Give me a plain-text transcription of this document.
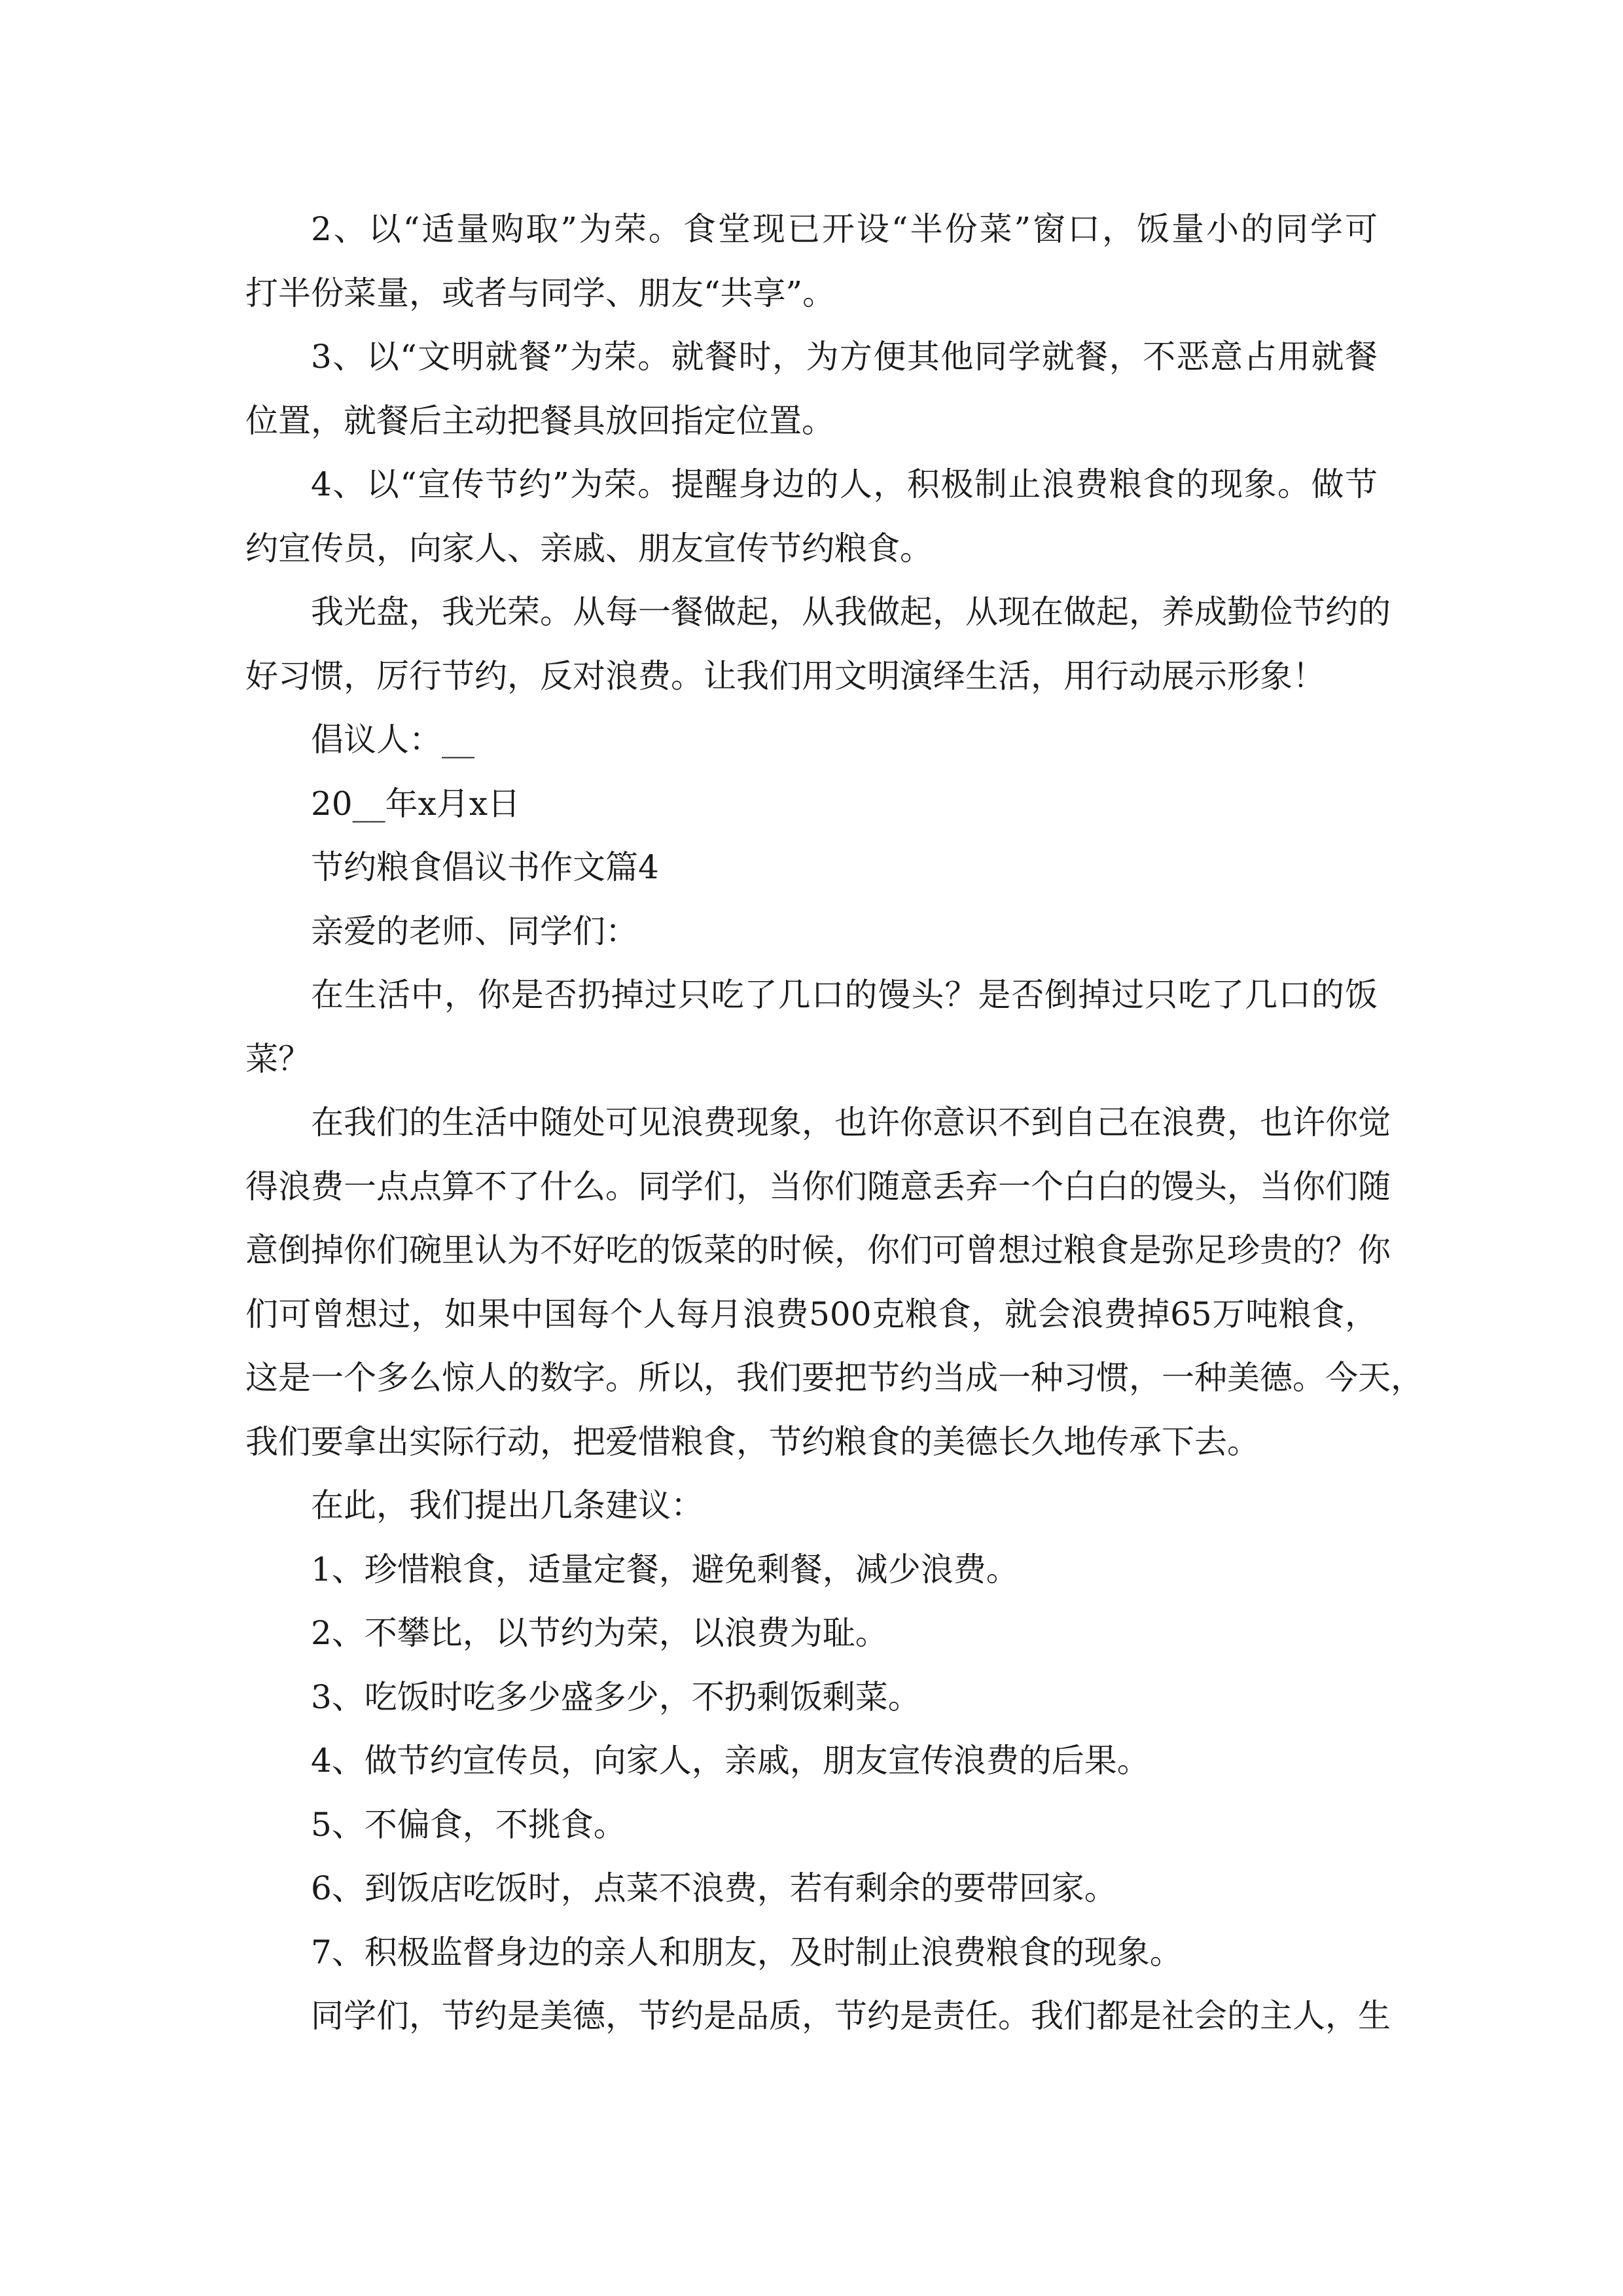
2、以“适量购取”为荣。食堂现已开设“半份菜”窗口，饭量小的同学可
打半份菜量，或者与同学、朋友“共享”。
3、以“文明就餐”为荣。就餐时，为方便其他同学就餐，不恶意占用就餐
位置，就餐后主动把餐具放回指定位置。
4、以“宣传节约”为荣。提醒身边的人，积极制止浪费粮食的现象。做节
约宣传员，向家人、亲戚、朋友宣传节约粮食。
我光盘，我光荣。从每一餐做起，从我做起，从现在做起，养成勤俭节约的
好习惯，厉行节约，反对浪费。让我们用文明演绎生活，用行动展示形象！
倡议人：__
20__年x月x日
节约粮食倡议书作文篇4
亲爱的老师、同学们：
在生活中，你是否扔掉过只吃了几口的馒头？是否倒掉过只吃了几口的饭
菜？
在我们的生活中随处可见浪费现象，也许你意识不到自己在浪费，也许你觉
得浪费一点点算不了什么。同学们，当你们随意丢弃一个白白的馒头，当你们随
意倒掉你们碗里认为不好吃的饭菜的时候，你们可曾想过粮食是弥足珍贵的？你
们可曾想过，如果中国每个人每月浪费500克粮食，就会浪费掉65万吨粮食，
这是一个多么惊人的数字。所以，我们要把节约当成一种习惯，一种美德。今天，
我们要拿出实际行动，把爱惜粮食，节约粮食的美德长久地传承下去。
在此，我们提出几条建议：
1、珍惜粮食，适量定餐，避免剩餐，减少浪费。
2、不攀比，以节约为荣，以浪费为耻。
3、吃饭时吃多少盛多少，不扔剩饭剩菜。
4、做节约宣传员，向家人，亲戚，朋友宣传浪费的后果。
5、不偏食，不挑食。
6、到饭店吃饭时，点菜不浪费，若有剩余的要带回家。
7、积极监督身边的亲人和朋友，及时制止浪费粮食的现象。
同学们，节约是美德，节约是品质，节约是责任。我们都是社会的主人，生
